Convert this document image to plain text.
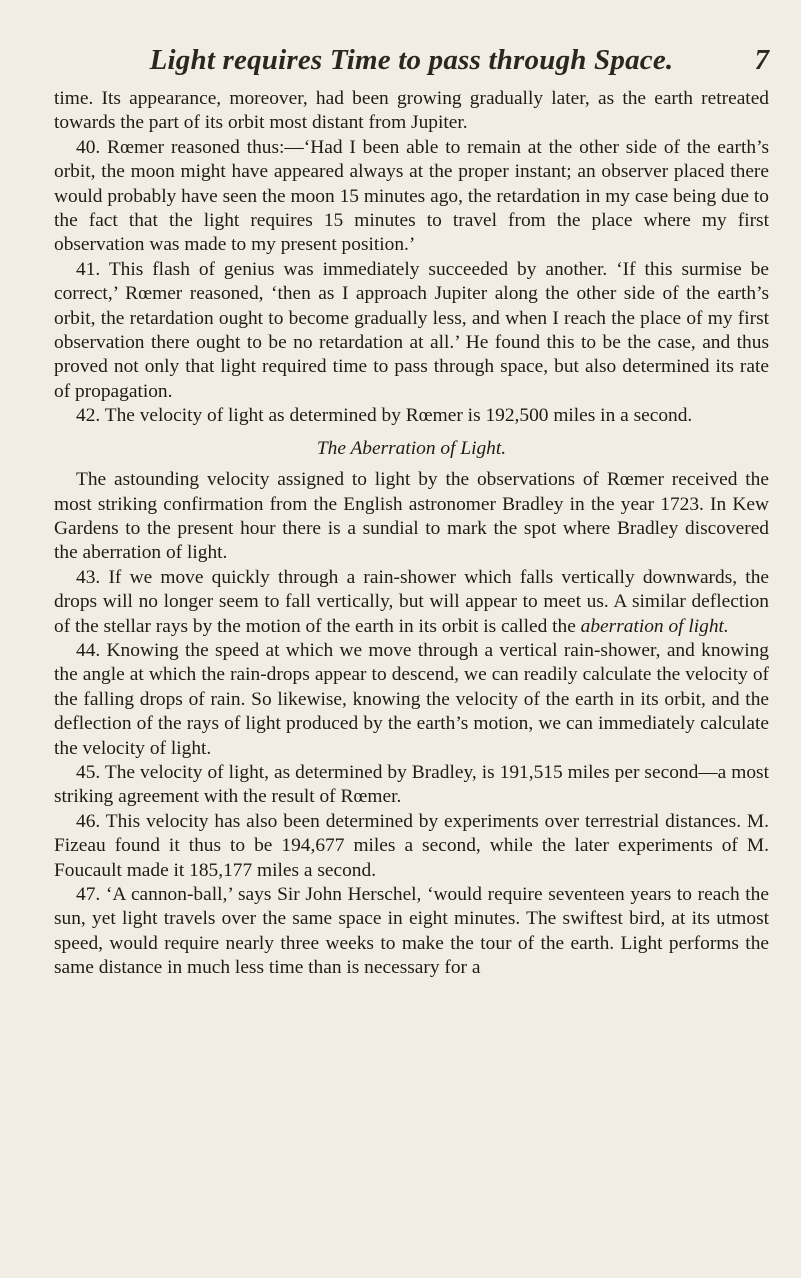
Light requires Time to pass through Space.	7

time. Its appearance, moreover, had been growing gradually later, as the earth retreated towards the part of its orbit most distant from Jupiter.

40. Rœmer reasoned thus:—‘Had I been able to remain at the other side of the earth’s orbit, the moon might have appeared always at the proper instant; an observer placed there would probably have seen the moon 15 minutes ago, the retardation in my case being due to the fact that the light requires 15 minutes to travel from the place where my first observation was made to my present position.’

41. This flash of genius was immediately succeeded by another. ‘If this surmise be correct,’ Rœmer reasoned, ‘then as I approach Jupiter along the other side of the earth’s orbit, the retardation ought to become gradually less, and when I reach the place of my first observation there ought to be no retardation at all.’ He found this to be the case, and thus proved not only that light required time to pass through space, but also determined its rate of propagation.

42. The velocity of light as determined by Rœmer is 192,500 miles in a second.

The Aberration of Light.

The astounding velocity assigned to light by the observations of Rœmer received the most striking confirmation from the English astronomer Bradley in the year 1723. In Kew Gardens to the present hour there is a sundial to mark the spot where Bradley discovered the aberration of light.

43. If we move quickly through a rain-shower which falls vertically downwards, the drops will no longer seem to fall vertically, but will appear to meet us. A similar deflection of the stellar rays by the motion of the earth in its orbit is called the aberration of light.

44. Knowing the speed at which we move through a vertical rain-shower, and knowing the angle at which the rain-drops appear to descend, we can readily calculate the velocity of the falling drops of rain. So likewise, knowing the velocity of the earth in its orbit, and the deflection of the rays of light produced by the earth’s motion, we can immediately calculate the velocity of light.

45. The velocity of light, as determined by Bradley, is 191,515 miles per second—a most striking agreement with the result of Rœmer.

46. This velocity has also been determined by experiments over terrestrial distances. M. Fizeau found it thus to be 194,677 miles a second, while the later experiments of M. Foucault made it 185,177 miles a second.

47. ‘A cannon-ball,’ says Sir John Herschel, ‘would require seventeen years to reach the sun, yet light travels over the same space in eight minutes. The swiftest bird, at its utmost speed, would require nearly three weeks to make the tour of the earth. Light performs the same distance in much less time than is necessary for a
